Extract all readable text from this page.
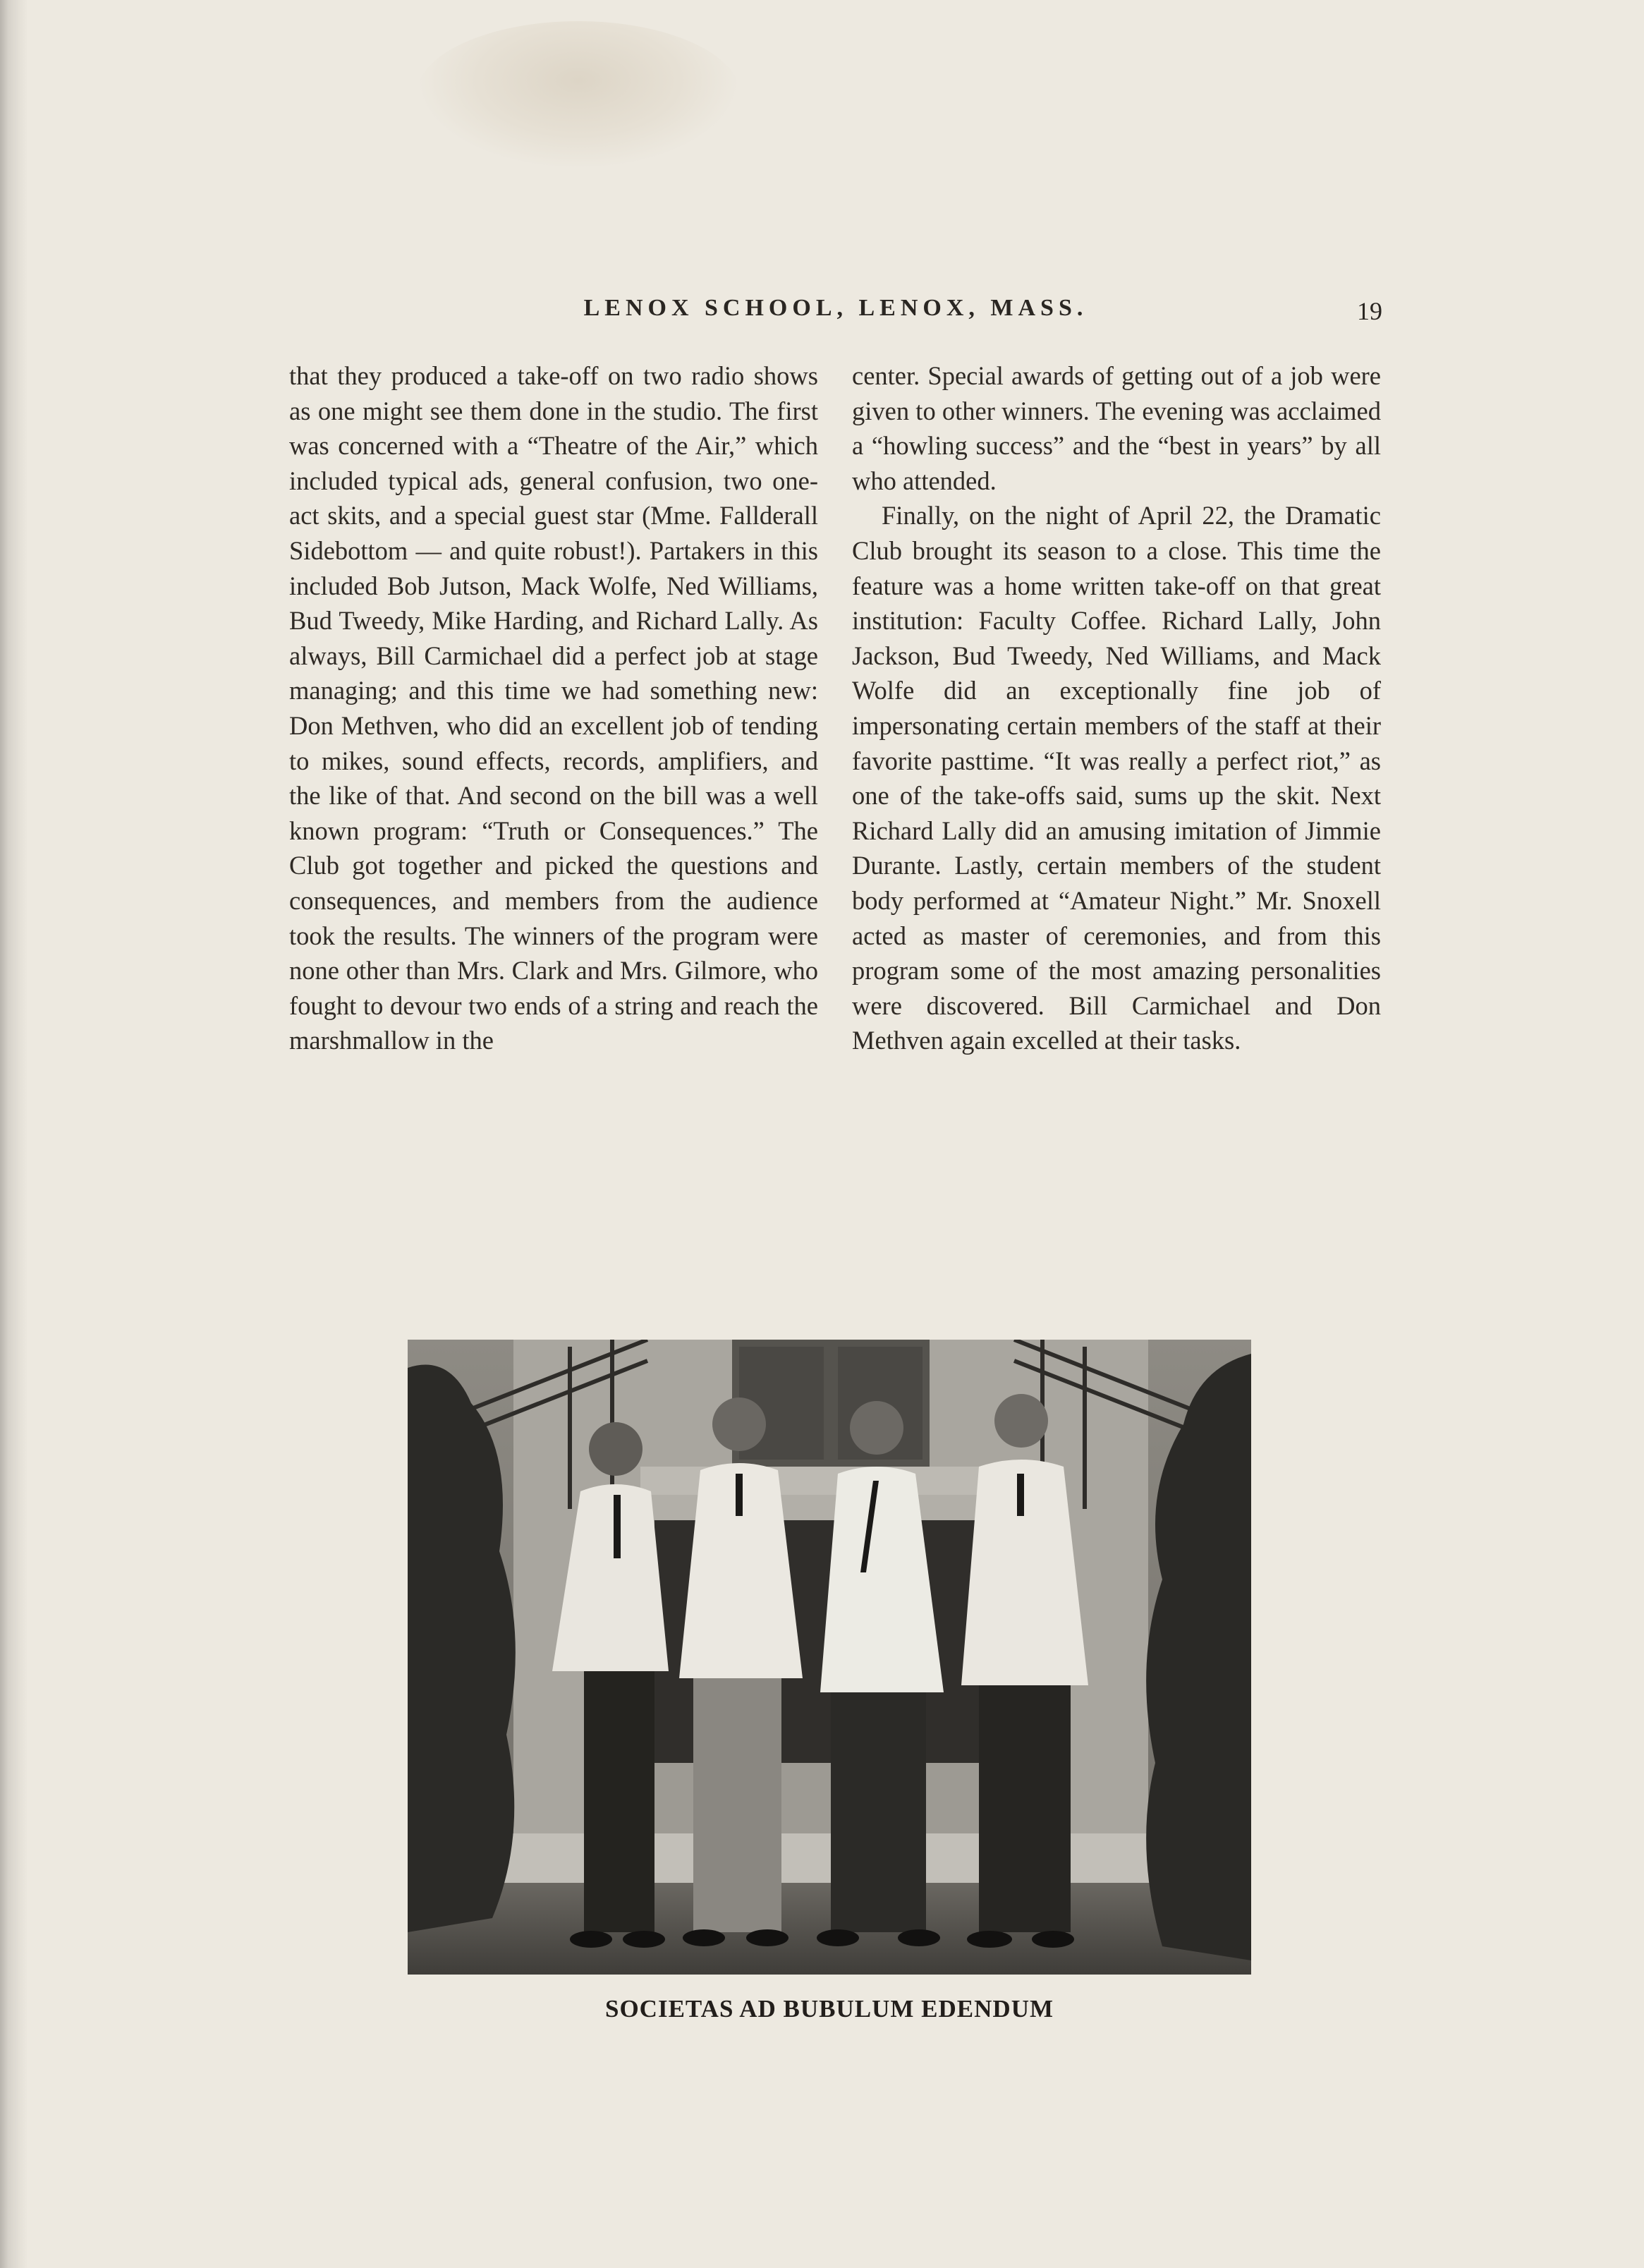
LENOX SCHOOL, LENOX, MASS.	19

that they produced a take-off on two radio shows as one might see them done in the studio. The first was concerned with a “Theatre of the Air,” which included typical ads, general confusion, two one-act skits, and a special guest star (Mme. Fallderall Sidebottom — and quite robust!). Partakers in this included Bob Jutson, Mack Wolfe, Ned Williams, Bud Tweedy, Mike Harding, and Richard Lally. As always, Bill Carmichael did a perfect job at stage managing; and this time we had something new: Don Methven, who did an excellent job of tending to mikes, sound effects, records, amplifiers, and the like of that. And second on the bill was a well known program: “Truth or Consequences.” The Club got together and picked the questions and consequences, and members from the audience took the results. The winners of the program were none other than Mrs. Clark and Mrs. Gilmore, who fought to devour two ends of a string and reach the marshmallow in the

center. Special awards of getting out of a job were given to other winners. The evening was acclaimed a “howling success” and the “best in years” by all who attended.

Finally, on the night of April 22, the Dramatic Club brought its season to a close. This time the feature was a home written take-off on that great institution: Faculty Coffee. Richard Lally, John Jackson, Bud Tweedy, Ned Williams, and Mack Wolfe did an exceptionally fine job of impersonating certain members of the staff at their favorite pasttime. “It was really a perfect riot,” as one of the take-offs said, sums up the skit. Next Richard Lally did an amusing imitation of Jimmie Durante. Lastly, certain members of the student body performed at “Amateur Night.” Mr. Snoxell acted as master of ceremonies, and from this program some of the most amazing personalities were discovered. Bill Carmichael and Don Methven again excelled at their tasks.

SOCIETAS AD BUBULUM EDENDUM
